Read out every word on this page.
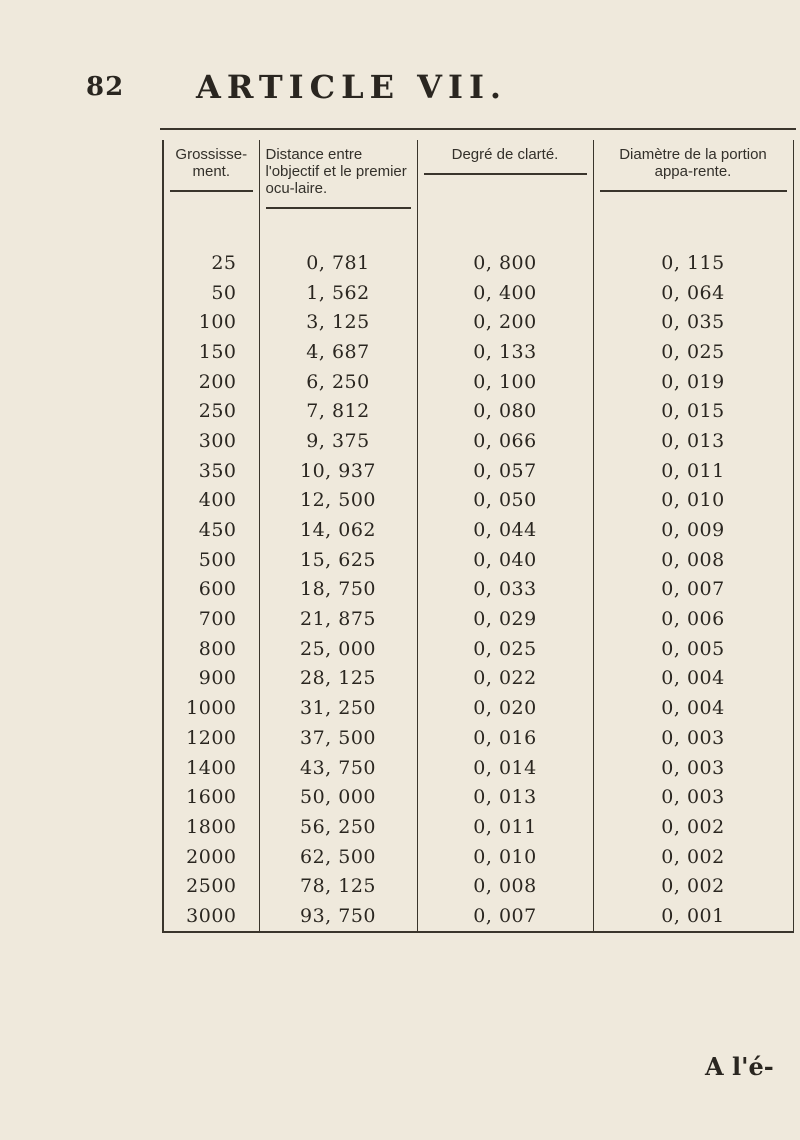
82 ARTICLE VII.
Grossisse-ment.	Distance entre l'objectif et le premier ocu-laire.	Degré de clarté.	Diamètre de la portion appa-rente.

25	0, 781	0, 800	0, 115
50	1, 562	0, 400	0, 064
100	3, 125	0, 200	0, 035
150	4, 687	0, 133	0, 025
200	6, 250	0, 100	0, 019
250	7, 812	0, 080	0, 015
300	9, 375	0, 066	0, 013
350	10, 937	0, 057	0, 011
400	12, 500	0, 050	0, 010
450	14, 062	0, 044	0, 009
500	15, 625	0, 040	0, 008
600	18, 750	0, 033	0, 007
700	21, 875	0, 029	0, 006
800	25, 000	0, 025	0, 005
900	28, 125	0, 022	0, 004
1000	31, 250	0, 020	0, 004
1200	37, 500	0, 016	0, 003
1400	43, 750	0, 014	0, 003
1600	50, 000	0, 013	0, 003
1800	56, 250	0, 011	0, 002
2000	62, 500	0, 010	0, 002
2500	78, 125	0, 008	0, 002
3000	93, 750	0, 007	0, 001
A l'é-
